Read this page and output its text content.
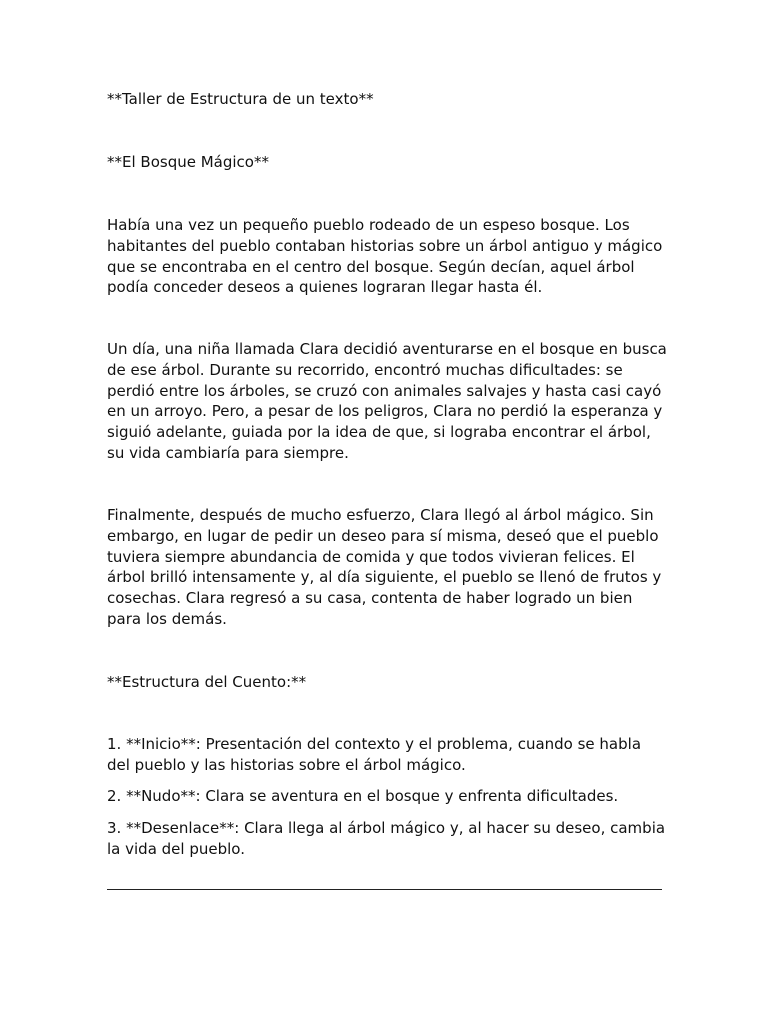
**Taller de Estructura de un texto**
**El Bosque Mágico**
Había una vez un pequeño pueblo rodeado de un espeso bosque. Los habitantes del pueblo contaban historias sobre un árbol antiguo y mágico que se encontraba en el centro del bosque. Según decían, aquel árbol podía conceder deseos a quienes lograran llegar hasta él.
Un día, una niña llamada Clara decidió aventurarse en el bosque en busca de ese árbol. Durante su recorrido, encontró muchas dificultades: se perdió entre los árboles, se cruzó con animales salvajes y hasta casi cayó en un arroyo. Pero, a pesar de los peligros, Clara no perdió la esperanza y siguió adelante, guiada por la idea de que, si lograba encontrar el árbol, su vida cambiaría para siempre.
Finalmente, después de mucho esfuerzo, Clara llegó al árbol mágico. Sin embargo, en lugar de pedir un deseo para sí misma, deseó que el pueblo tuviera siempre abundancia de comida y que todos vivieran felices. El árbol brilló intensamente y, al día siguiente, el pueblo se llenó de frutos y cosechas. Clara regresó a su casa, contenta de haber logrado un bien para los demás.
**Estructura del Cuento:**
1. **Inicio**: Presentación del contexto y el problema, cuando se habla del pueblo y las historias sobre el árbol mágico.
2. **Nudo**: Clara se aventura en el bosque y enfrenta dificultades.
3. **Desenlace**: Clara llega al árbol mágico y, al hacer su deseo, cambia la vida del pueblo.
